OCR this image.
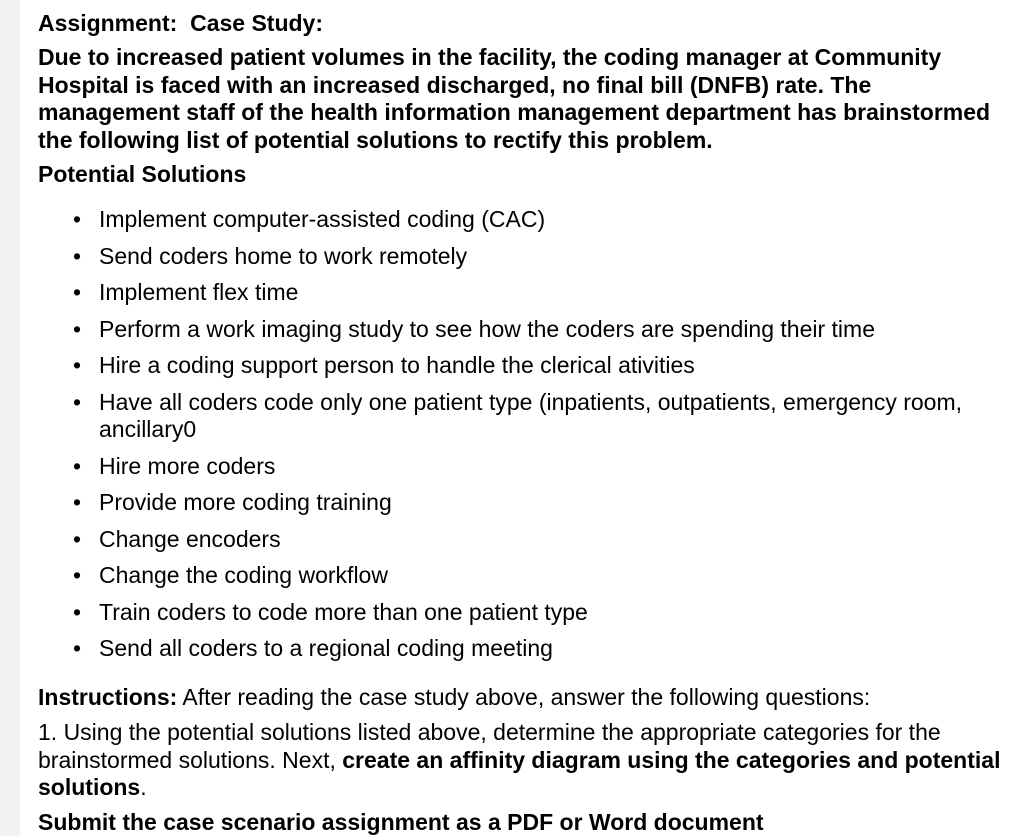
Assignment: Case Study:
Due to increased patient volumes in the facility, the coding manager at Community Hospital is faced with an increased discharged, no final bill (DNFB) rate. The management staff of the health information management department has brainstormed the following list of potential solutions to rectify this problem.
Potential Solutions
• Implement computer-assisted coding (CAC)
• Send coders home to work remotely
• Implement flex time
• Perform a work imaging study to see how the coders are spending their time
• Hire a coding support person to handle the clerical ativities
• Have all coders code only one patient type (inpatients, outpatients, emergency room, ancillary0
• Hire more coders
• Provide more coding training
• Change encoders
• Change the coding workflow
• Train coders to code more than one patient type
• Send all coders to a regional coding meeting
Instructions: After reading the case study above, answer the following questions:
1. Using the potential solutions listed above, determine the appropriate categories for the brainstormed solutions. Next, create an affinity diagram using the categories and potential solutions.
Submit the case scenario assignment as a PDF or Word document
